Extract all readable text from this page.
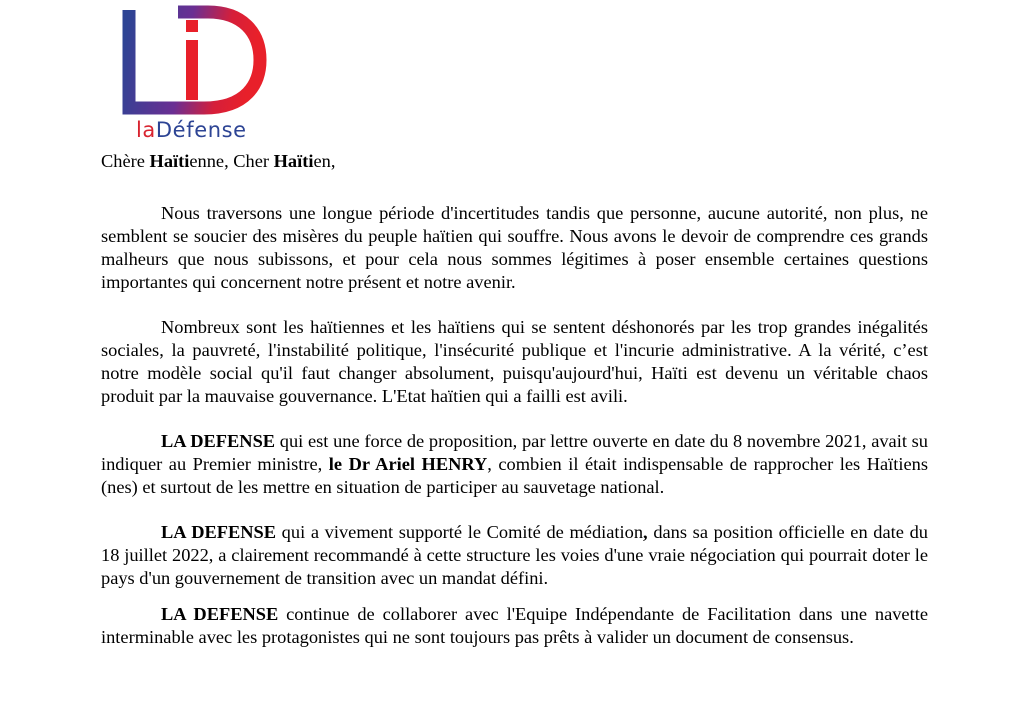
laDéfense

Chère Haïtienne, Cher Haïtien,

Nous traversons une longue période d'incertitudes tandis que personne, aucune autorité, non plus, ne semblent se soucier des misères du peuple haïtien qui souffre. Nous avons le devoir de comprendre ces grands malheurs que nous subissons, et pour cela nous sommes légitimes à poser ensemble certaines questions importantes qui concernent notre présent et notre avenir.

Nombreux sont les haïtiennes et les haïtiens qui se sentent déshonorés par les trop grandes inégalités sociales, la pauvreté, l'instabilité politique, l'insécurité publique et l'incurie administrative. A la vérité, c’est notre modèle social qu'il faut changer absolument, puisqu'aujourd'hui, Haïti est devenu un véritable chaos produit par la mauvaise gouvernance. L'Etat haïtien qui a failli est avili.

LA DEFENSE qui est une force de proposition, par lettre ouverte en date du 8 novembre 2021, avait su indiquer au Premier ministre, le Dr Ariel HENRY, combien il était indispensable de rapprocher les Haïtiens (nes) et surtout de les mettre en situation de participer au sauvetage national.

LA DEFENSE qui a vivement supporté le Comité de médiation, dans sa position officielle en date du 18 juillet 2022, a clairement recommandé à cette structure les voies d'une vraie négociation qui pourrait doter le pays d'un gouvernement de transition avec un mandat défini.

LA DEFENSE continue de collaborer avec l'Equipe Indépendante de Facilitation dans une navette interminable avec les protagonistes qui ne sont toujours pas prêts à valider un document de consensus.
